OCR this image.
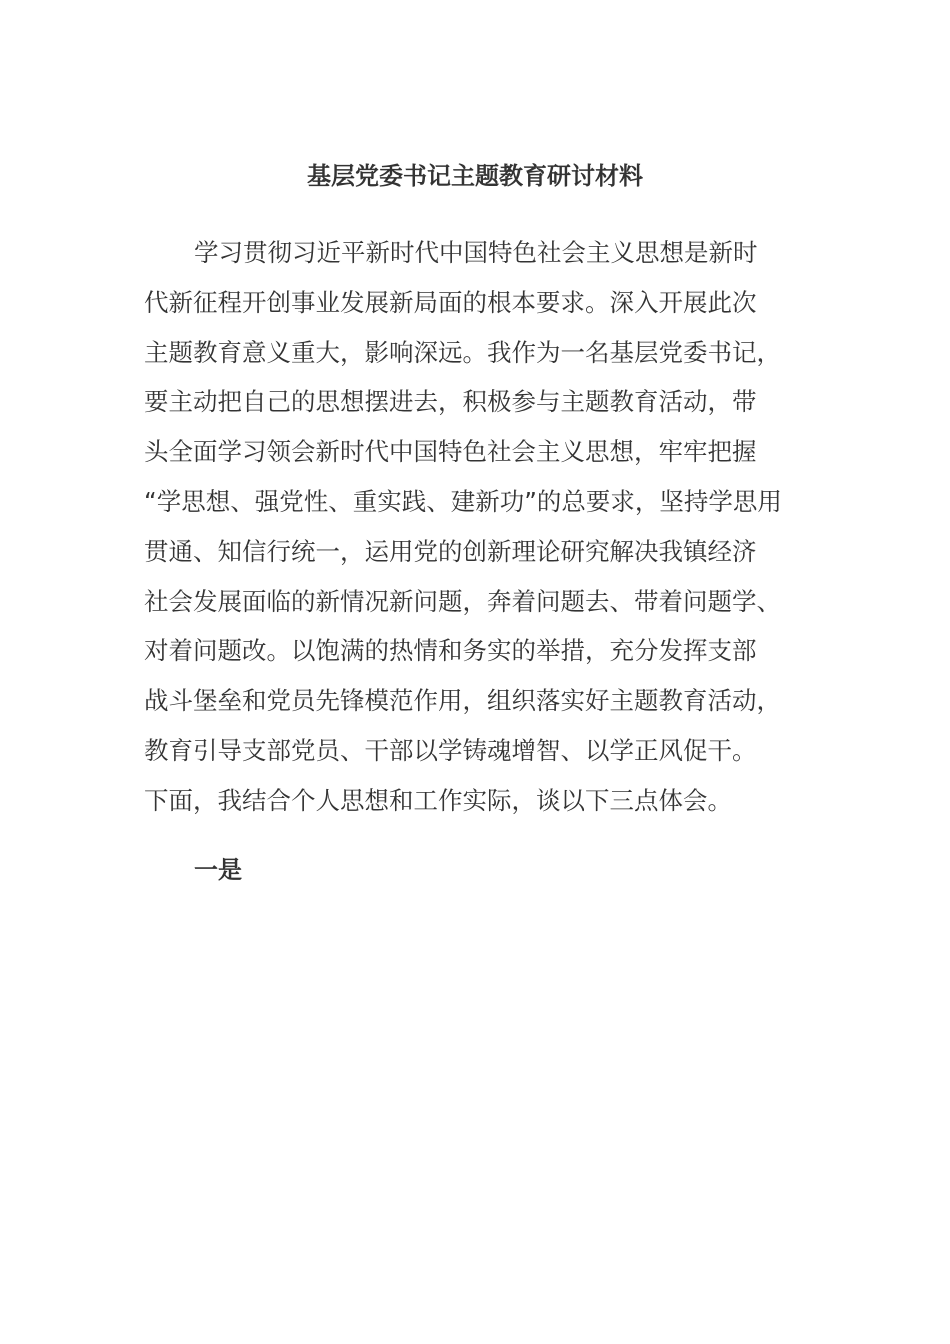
基层党委书记主题教育研讨材料

学习贯彻习近平新时代中国特色社会主义思想是新时
代新征程开创事业发展新局面的根本要求。深入开展此次
主题教育意义重大，影响深远。我作为一名基层党委书记，
要主动把自己的思想摆进去，积极参与主题教育活动，带
头全面学习领会新时代中国特色社会主义思想，牢牢把握
“学思想、强党性、重实践、建新功”的总要求，坚持学思用
贯通、知信行统一，运用党的创新理论研究解决我镇经济
社会发展面临的新情况新问题，奔着问题去、带着问题学、
对着问题改。以饱满的热情和务实的举措，充分发挥支部
战斗堡垒和党员先锋模范作用，组织落实好主题教育活动，
教育引导支部党员、干部以学铸魂增智、以学正风促干。
下面，我结合个人思想和工作实际，谈以下三点体会。

一是
